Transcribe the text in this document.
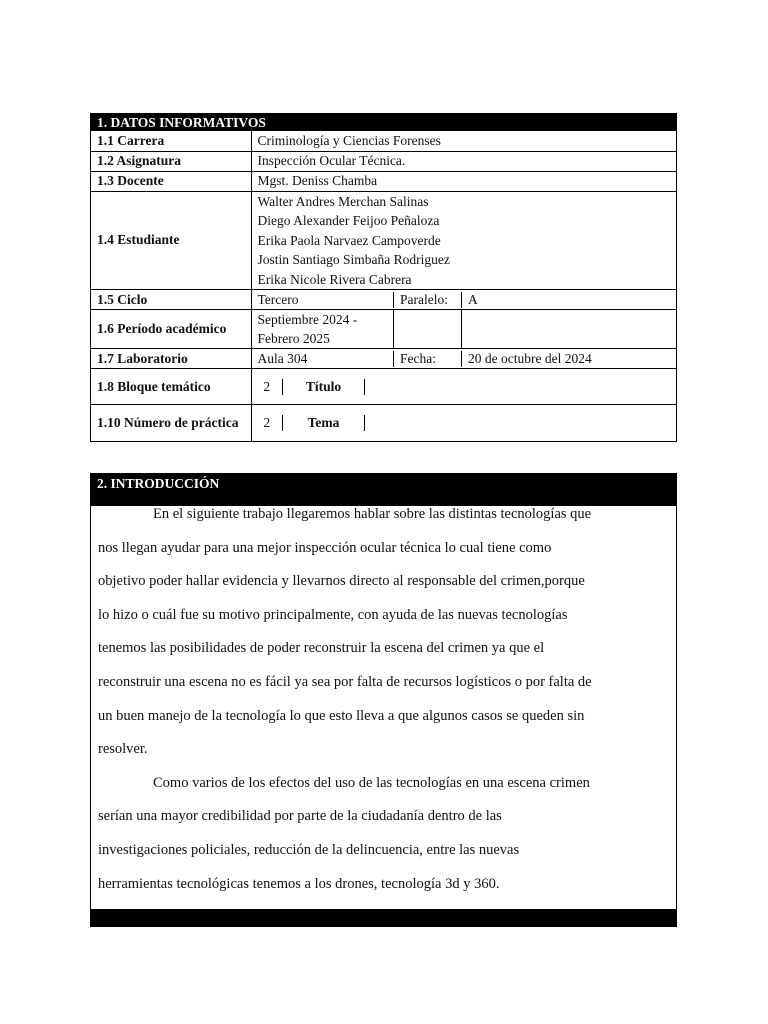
1. DATOS INFORMATIVOS
1.1 Carrera	Criminología y Ciencias Forenses
1.2 Asignatura	Inspección Ocular Técnica.
1.3 Docente	Mgst. Deniss Chamba
1.4 Estudiante	
Walter Andres Merchan Salinas
Diego Alexander Feijoo Peñaloza
Erika Paola Narvaez Campoverde
Jostin Santiago Simbaña Rodriguez
Erika Nicole Rivera Cabrera

1.5 Ciclo		Tercero	Paralelo:	A

1.6 Período académico	
Septiembre 2024 - Febrero 2025		

1.7 Laboratorio		Aula 304	Fecha:	20 de octubre del 2024

1.8 Bloque temático		2	Título	

1.10 Número de práctica	2	Tema	
2. INTRODUCCIÓN

En el siguiente trabajo llegaremos hablar sobre las distintas tecnologías que

nos llegan ayudar para una mejor inspección ocular técnica lo cual tiene como

objetivo poder hallar evidencia y llevarnos directo al responsable del crimen,porque

lo hizo o cuál fue su motivo principalmente, con ayuda de las nuevas tecnologías

tenemos las posibilidades de poder reconstruir la escena del crimen ya que el

reconstruir una escena no es fácil ya sea por falta de recursos logísticos o por falta de

un buen manejo de la tecnología lo que esto lleva a que algunos casos se queden sin

resolver.

Como varios de los efectos del uso de las tecnologías en una escena crimen

serían una mayor credibilidad por parte de la ciudadanía dentro de las

investigaciones policiales, reducción de la delincuencia, entre las nuevas

herramientas tecnológicas tenemos a los drones, tecnología 3d y 360.
